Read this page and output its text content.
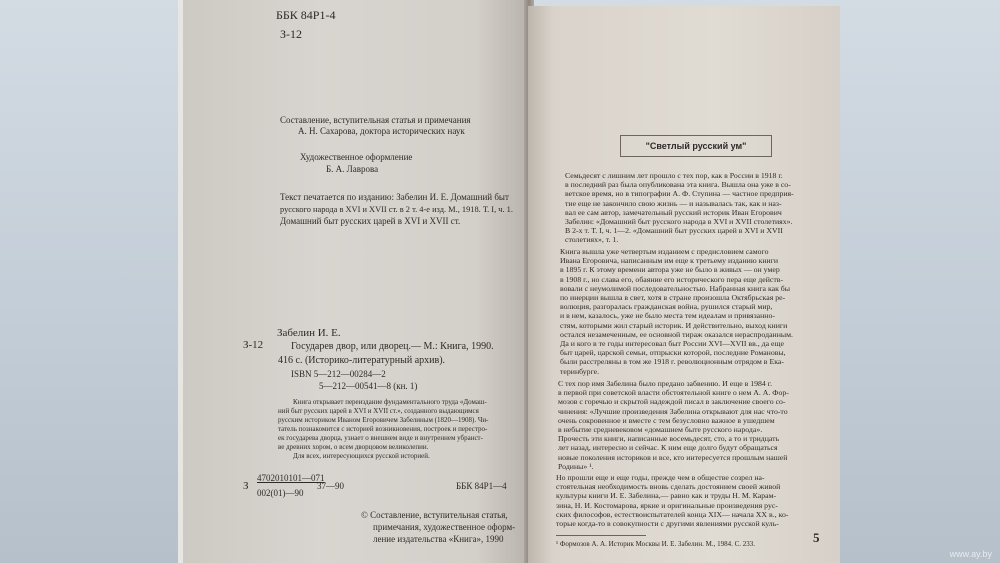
ББК 84Р1-4
З-12
Составление, вступительная статья и примечания
А. Н. Сахарова, доктора исторических наук
Художественное оформление
Б. А. Лаврова
Текст печатается по изданию: Забелин И. Е. Домашний быт
русского народа в XVI и XVII ст. в 2 т. 4-е изд. М., 1918. Т. I, ч. 1.
Домашний быт русских царей в XVI и XVII ст.
З-12
Забелин И. Е.
Государев двор, или дворец.— М.: Книга, 1990.
416 с. (Историко-литературный архив).
ISBN 5—212—00284—2
5—212—00541—8 (кн. 1)
Книга открывает переиздание фундаментального труда «Домаш-
ний быт русских царей в XVI и XVII ст.», созданного выдающимся
русским историком Иваном Егоровичем Забелиным (1820—1908). Чи-
татель познакомится с историей возникновения, построек и перестро-
ек государева дворца, узнает о внешнем виде и внутреннем убранст-
ве древних хором, о всем дворцовом великолепии.
Для всех, интересующихся русской историей.
З
4702010101—071
002(01)—90
37—90	ББК 84Р1—4
© Составление, вступительная статья,
примечания, художественное оформ-
ление издательства «Книга», 1990
"Светлый русский ум"
Семьдесят с лишним лет прошло с тех пор, как в России в 1918 г.
в последний раз была опубликована эта книга. Вышла она уже в со-
ветское время, но в типографии А. Ф. Ступина — частное предприя-
тие еще не закончило свою жизнь — и называлась так, как и наз-
вал ее сам автор, замечательный русский историк Иван Егорович
Забелин: «Домашний быт русского народа в XVI и XVII столетиях».
В 2-х т. Т. I, ч. 1—2. «Домашний быт русских царей в XVI и XVII
столетиях», т. 1.
Книга вышла уже четвертым изданием с предисловием самого
Ивана Егоровича, написанным им еще к третьему изданию книги
в 1895 г. К этому времени автора уже не было в живых — он умер
в 1908 г., но слава его, обаяние его исторического пера еще действ-
вовали с неумолимой последовательностью. Набранная книга как бы
по инерции вышла в свет, хотя в стране произошла Октябрьская ре-
волюция, разгоралась гражданская война, рушился старый мир,
и в нем, казалось, уже не было места тем идеалам и привязанно-
стям, которыми жил старый историк. И действительно, выход книги
остался незамеченным, ее основной тираж оказался нераспроданным.
Да и кого в те годы интересовал быт России XVI—XVII вв., да еще
быт царей, царской семьи, отпрыски которой, последние Романовы,
были расстреляны в том же 1918 г. революционным отрядом в Ека-
теринбурге.
С тех пор имя Забелина было предано забвению. И еще в 1984 г.
в первой при советской власти обстоятельной книге о нем А. А. Фор-
мозов с горечью и скрытой надеждой писал в заключение своего со-
чинения: «Лучшие произведения Забелина открывают для нас что-то
очень сокровенное и вместе с тем безусловно важное в ушедшем
в небытие средневековом «домашнем быте русского народа».
Прочесть эти книги, написанные восемьдесят, сто, а то и тридцать
лет назад, интересно и сейчас. К ним еще долго будут обращаться
новые поколения историков и все, кто интересуется прошлым нашей
Родины» ¹.
Но прошли еще и еще годы, прежде чем в обществе созрел на-
стоятельная необходимость вновь сделать достоянием своей живой
культуры книги И. Е. Забелина,— равно как и труды Н. М. Карам-
зина, Н. И. Костомарова, яркие и оригинальные произведения рус-
ских философов, естествоиспытателей конца XIX— начала XX в., ко-
торые когда-то в совокупности с другими явлениями русской куль-
¹ Формозов А. А. Историк Москвы И. Е. Забелин. М., 1984. С. 233.	5
www.ay.by
